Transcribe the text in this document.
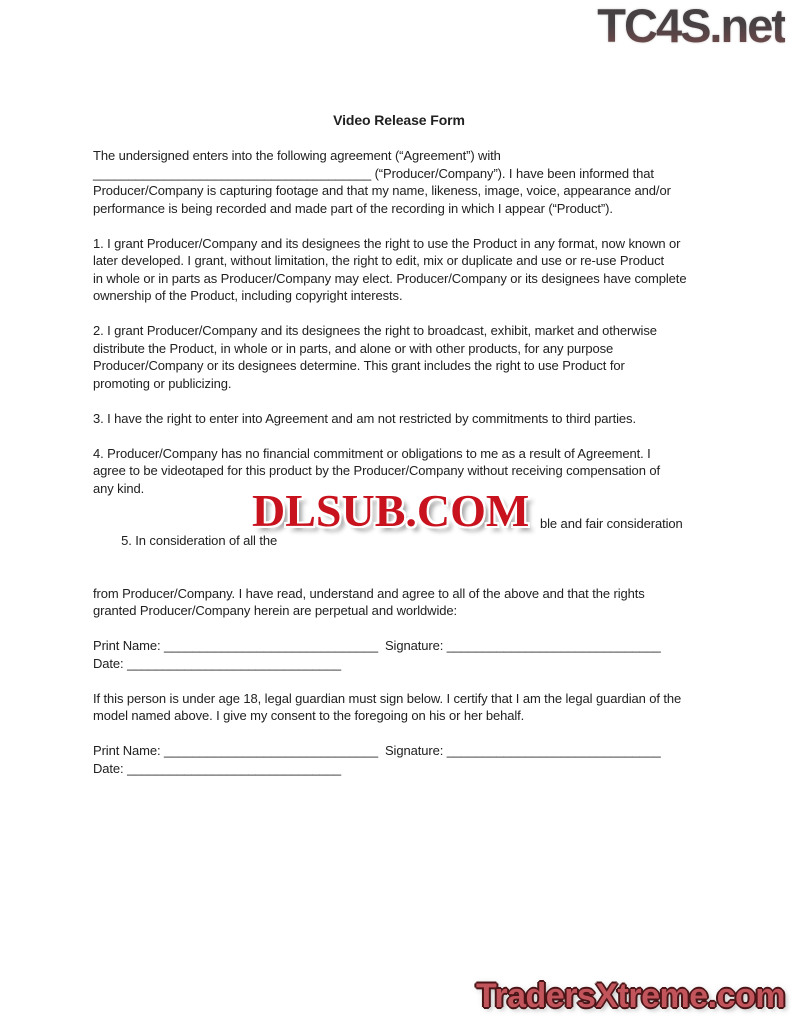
TC4S.net
Video Release Form
The undersigned enters into the following agreement (“Agreement”) with
_______________________________________ (“Producer/Company”). I have been informed that
Producer/Company is capturing footage and that my name, likeness, image, voice, appearance and/or
performance is being recorded and made part of the recording in which I appear (“Product”).
1. I grant Producer/Company and its designees the right to use the Product in any format, now known or
later developed. I grant, without limitation, the right to edit, mix or duplicate and use or re-use Product
in whole or in parts as Producer/Company may elect. Producer/Company or its designees have complete
ownership of the Product, including copyright interests.
2. I grant Producer/Company and its designees the right to broadcast, exhibit, market and otherwise
distribute the Product, in whole or in parts, and alone or with other products, for any purpose
Producer/Company or its designees determine. This grant includes the right to use Product for
promoting or publicizing.
3. I have the right to enter into Agreement and am not restricted by commitments to third parties.
4. Producer/Company has no financial commitment or obligations to me as a result of Agreement. I
agree to be videotaped for this product by the Producer/Company without receiving compensation of
any kind.

5. In consideration of all the

ble and fair consideration

from Producer/Company. I have read, understand and agree to all of the above and that the rights
granted Producer/Company herein are perpetual and worldwide:
Print Name: ______________________________  Signature: ______________________________
Date: ______________________________
If this person is under age 18, legal guardian must sign below. I certify that I am the legal guardian of the
model named above. I give my consent to the foregoing on his or her behalf.
Print Name: ______________________________  Signature: ______________________________
Date: ______________________________
DLSUB.COM
TradersXtreme.com
